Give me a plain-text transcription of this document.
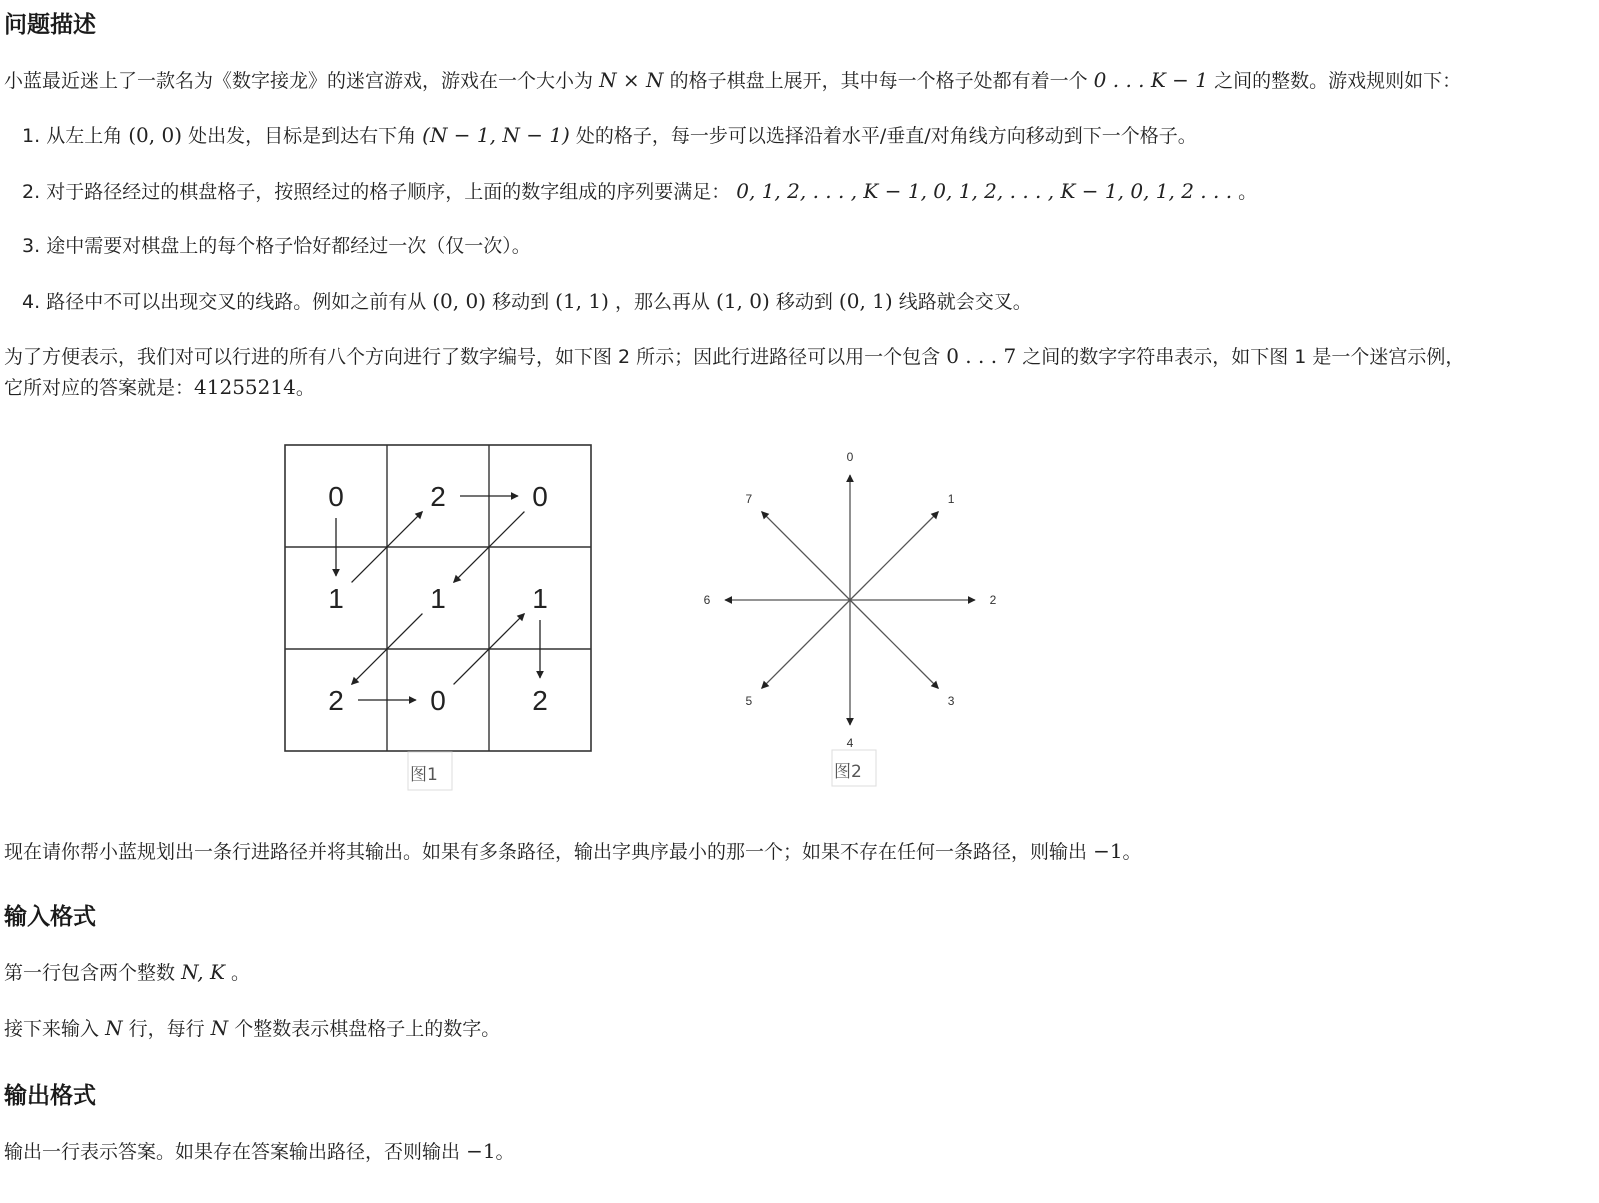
问题描述
小蓝最近迷上了一款名为《数字接龙》的迷宫游戏，游戏在一个大小为 N × N 的格子棋盘上展开，其中每一个格子处都有着一个 0 . . . K − 1 之间的整数。游戏规则如下：
1. 从左上角 (0, 0) 处出发，目标是到达右下角 (N − 1, N − 1) 处的格子，每一步可以选择沿着水平/垂直/对角线方向移动到下一个格子。
2. 对于路径经过的棋盘格子，按照经过的格子顺序，上面的数字组成的序列要满足： 0, 1, 2, . . . , K − 1, 0, 1, 2, . . . , K − 1, 0, 1, 2 . . . 。
3. 途中需要对棋盘上的每个格子恰好都经过一次（仅一次）。
4. 路径中不可以出现交叉的线路。例如之前有从 (0, 0) 移动到 (1, 1) ，那么再从 (1, 0) 移动到 (0, 1) 线路就会交叉。
为了方便表示，我们对可以行进的所有八个方向进行了数字编号，如下图 2 所示；因此行进路径可以用一个包含 0 . . . 7 之间的数字字符串表示，如下图 1 是一个迷宫示例，
它所对应的答案就是：41255214。
0	2	0
1	1	1
2	0	2
图1
0
1
2
3
4
5
6
7
图2
现在请你帮小蓝规划出一条行进路径并将其输出。如果有多条路径，输出字典序最小的那一个；如果不存在任何一条路径，则输出 −1。
输入格式
第一行包含两个整数 N, K 。
接下来输入 N 行，每行 N 个整数表示棋盘格子上的数字。
输出格式
输出一行表示答案。如果存在答案输出路径，否则输出 −1。
